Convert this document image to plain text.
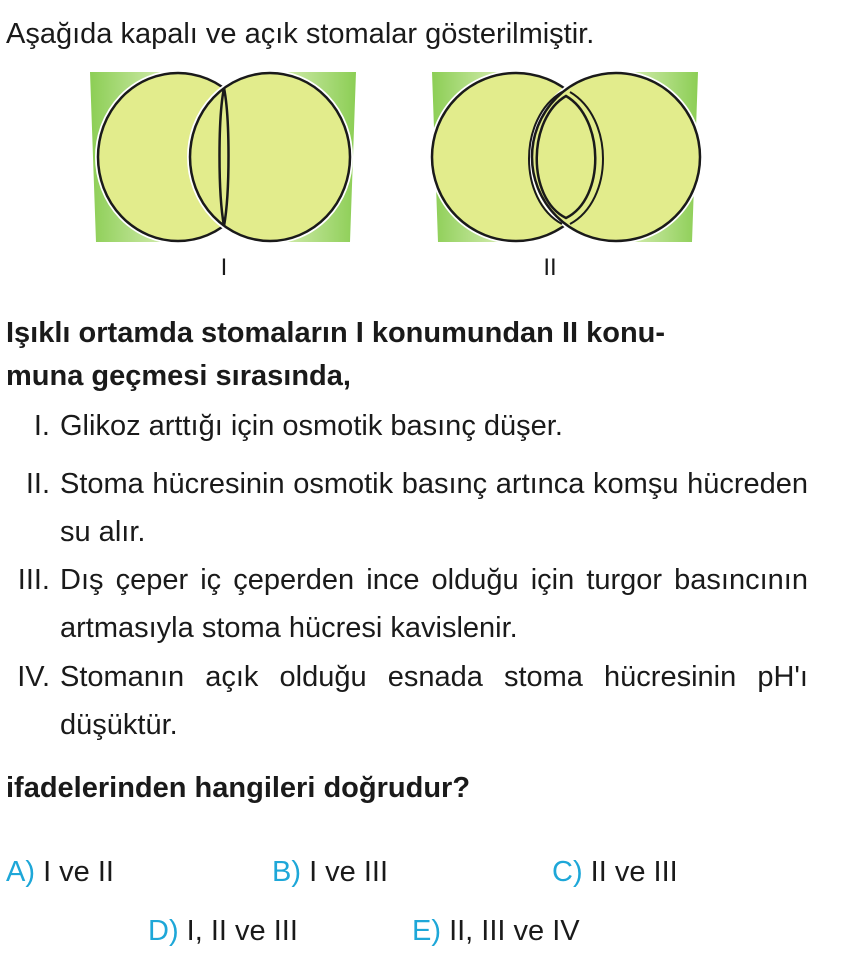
Aşağıda kapalı ve açık stomalar gösterilmiştir.
I	II
Işıklı ortamda stomaların I konumundan II konu-
muna geçmesi sırasında,
I. Glikoz arttığı için osmotik basınç düşer.
II. Stoma hücresinin osmotik basınç artınca komşu hücreden su alır.
III. Dış çeper iç çeperden ince olduğu için turgor basıncının artmasıyla stoma hücresi kavislenir.
IV. Stomanın açık olduğu esnada stoma hücresinin pH'ı düşüktür.
ifadelerinden hangileri doğrudur?
A) I ve II	B) I ve III	C) II ve III
D) I, II ve III	E) II, III ve IV
